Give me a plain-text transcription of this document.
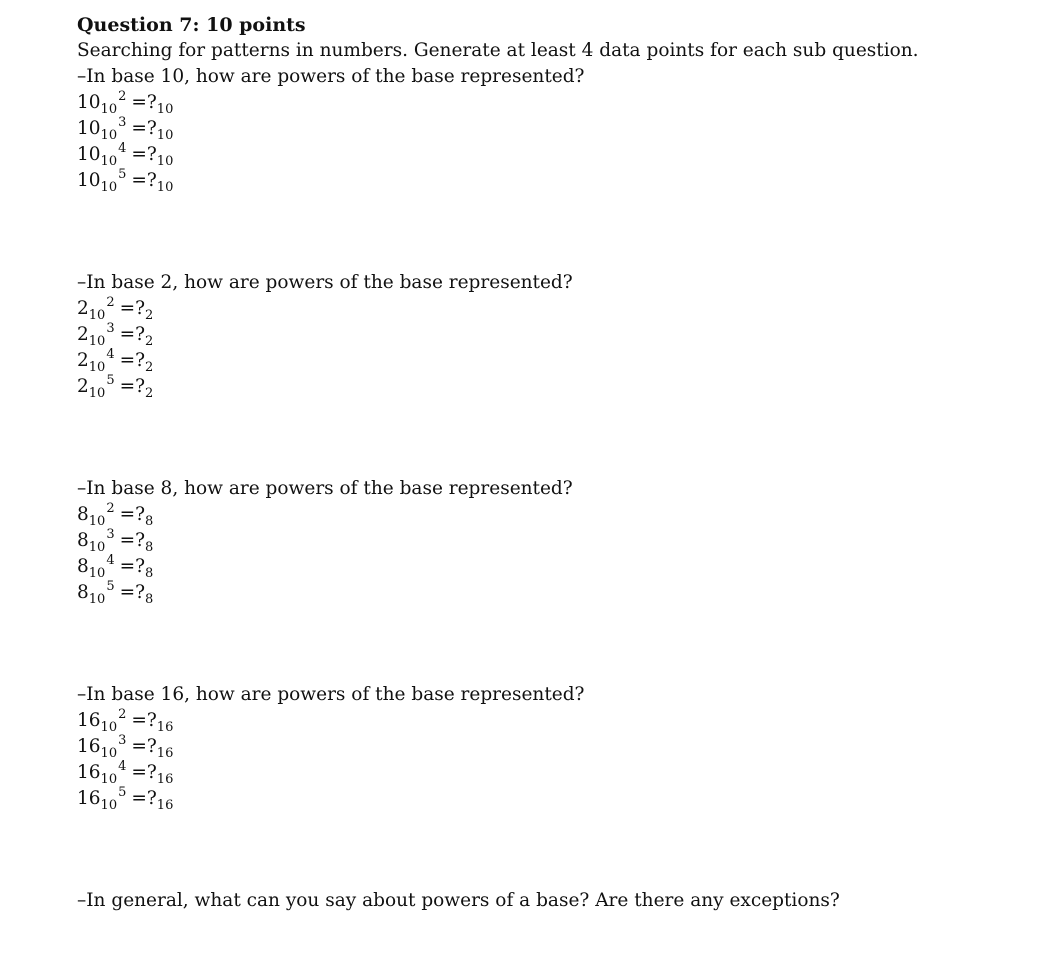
Question 7: 10 points
Searching for patterns in numbers. Generate at least 4 data points for each sub question.
–In base 10, how are powers of the base represented?
$10_{10}^2$ $=?_{10}$
$10_{10}^3$ $=?_{10}$
$10_{10}^4$ $=?_{10}$
$10_{10}^5$ $=?_{10}$
–In base 2, how are powers of the base represented?
$2_{10}^2$ $=?_2$
$2_{10}^3$ $=?_2$
$2_{10}^4$ $=?_2$
$2_{10}^5$ $=?_2$
–In base 8, how are powers of the base represented?
$8_{10}^2$ $=?_8$
$8_{10}^3$ $=?_8$
$8_{10}^4$ $=?_8$
$8_{10}^5$ $=?_8$
–In base 16, how are powers of the base represented?
$16_{10}^2$ $=?_{16}$
$16_{10}^3$ $=?_{16}$
$16_{10}^4$ $=?_{16}$
$16_{10}^5$ $=?_{16}$
–In general, what can you say about powers of a base? Are there any exceptions?
